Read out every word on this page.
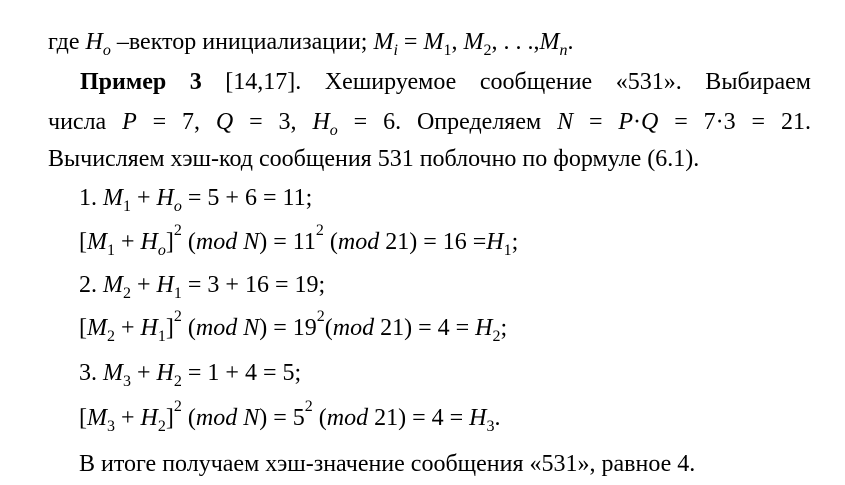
где $H_o$ –вектор инициализации; $M_i = M_1$, $M_2$, . . $.,M_n$.
Пример 3 [14,17]. Хешируемое сообщение «531». Выбираем
числа P = 7, Q = 3, $H_o = 6$. Определяем N = P·Q = 7·3 = 21.
Вычисляем хэш-код сообщения 531 поблочно по формуле (6.1).
1. $M_1 + H_o = 5 + 6 = 11$;
$[M_1 + H_o]^2$ (mod $N) = 11^2$ (mod $21) = 16 =H_1$;
2. $M_2 + H_1 = 3 + 16 = 19$;
$[M_2 + H_1]^2$ (mod $N) = 19^2(mod$ $21) = 4 = H_2$;
3. $M_3 + H_2 = 1 + 4 = 5$;
$[M_3 + H_2]^2$ (mod $N) = 5^2$ (mod $21) = 4 = H_3$.
В итоге получаем хэш-значение сообщения «531», равное 4.
